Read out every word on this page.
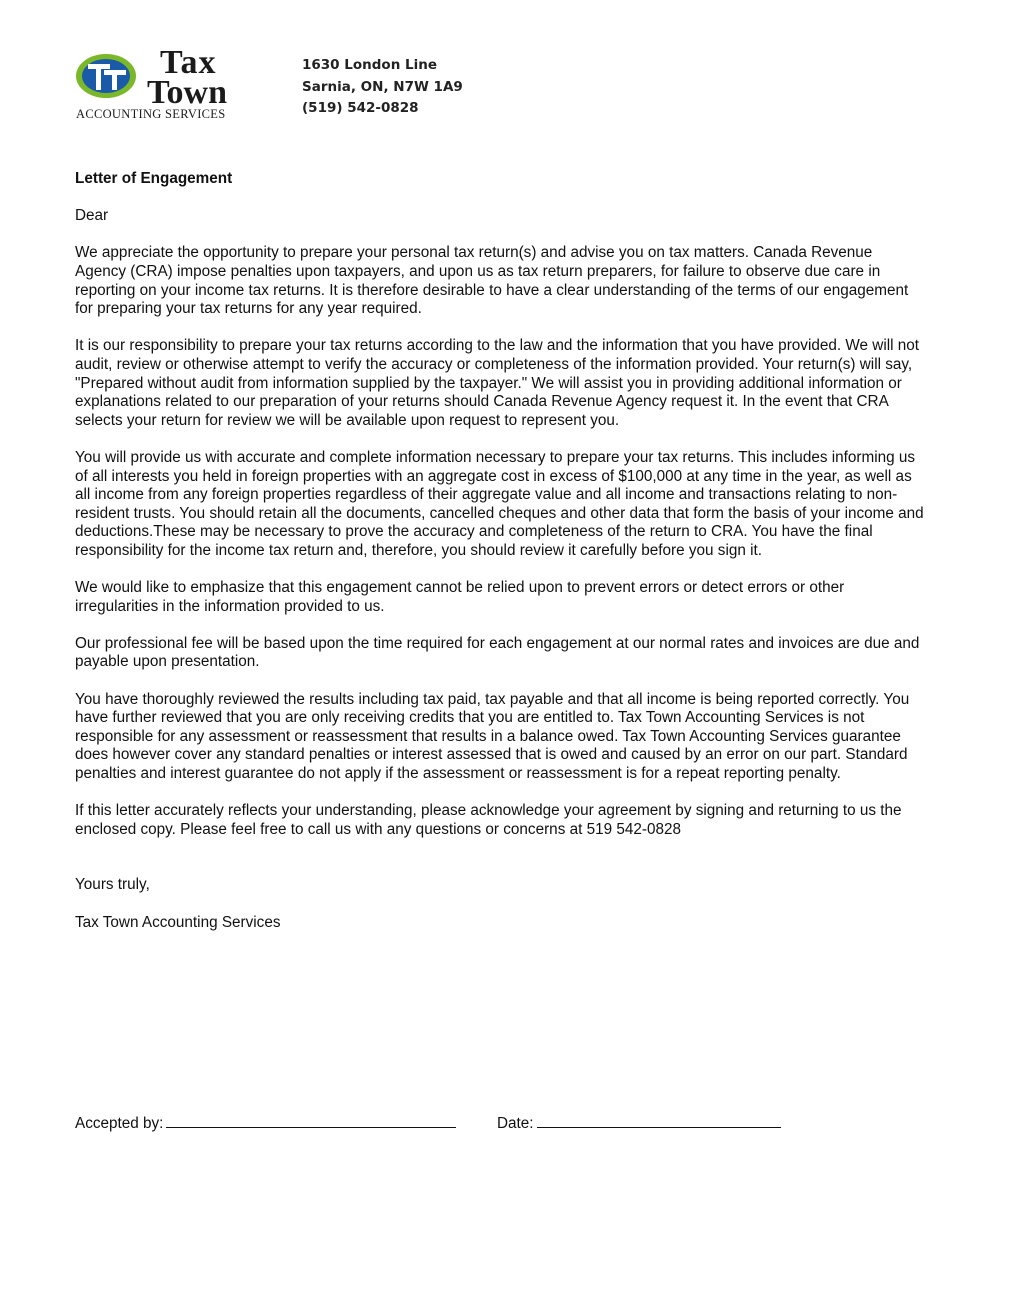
Tax
Town
ACCOUNTING SERVICES
1630 London Line
Sarnia, ON, N7W 1A9
(519) 542-0828

Letter of Engagement

Dear

We appreciate the opportunity to prepare your personal tax return(s) and advise you on tax matters. Canada Revenue Agency (CRA) impose penalties upon taxpayers, and upon us as tax return preparers, for failure to observe due care in reporting on your income tax returns. It is therefore desirable to have a clear understanding of the terms of our engagement for preparing your tax returns for any year required.

It is our responsibility to prepare your tax returns according to the law and the information that you have provided. We will not audit, review or otherwise attempt to verify the accuracy or completeness of the information provided. Your return(s) will say, "Prepared without audit from information supplied by the taxpayer." We will assist you in providing additional information or explanations related to our preparation of your returns should Canada Revenue Agency request it. In the event that CRA selects your return for review we will be available upon request to represent you.

You will provide us with accurate and complete information necessary to prepare your tax returns. This includes informing us of all interests you held in foreign properties with an aggregate cost in excess of $100,000 at any time in the year, as well as all income from any foreign properties regardless of their aggregate value and all income and transactions relating to non-resident trusts. You should retain all the documents, cancelled cheques and other data that form the basis of your income and deductions.These may be necessary to prove the accuracy and completeness of the return to CRA. You have the final responsibility for the income tax return and, therefore, you should review it carefully before you sign it.

We would like to emphasize that this engagement cannot be relied upon to prevent errors or detect errors or other irregularities in the information provided to us.

Our professional fee will be based upon the time required for each engagement at our normal rates and invoices are due and payable upon presentation.

You have thoroughly reviewed the results including tax paid, tax payable and that all income is being reported correctly. You have further reviewed that you are only receiving credits that you are entitled to. Tax Town Accounting Services is not responsible for any assessment or reassessment that results in a balance owed. Tax Town Accounting Services guarantee does however cover any standard penalties or interest assessed that is owed and caused by an error on our part. Standard penalties and interest guarantee do not apply if the assessment or reassessment is for a repeat reporting penalty.

If this letter accurately reflects your understanding, please acknowledge your agreement by signing and returning to us the enclosed copy. Please feel free to call us with any questions or concerns at 519 542-0828

Yours truly,

Tax Town Accounting Services

Accepted by:	Date:
